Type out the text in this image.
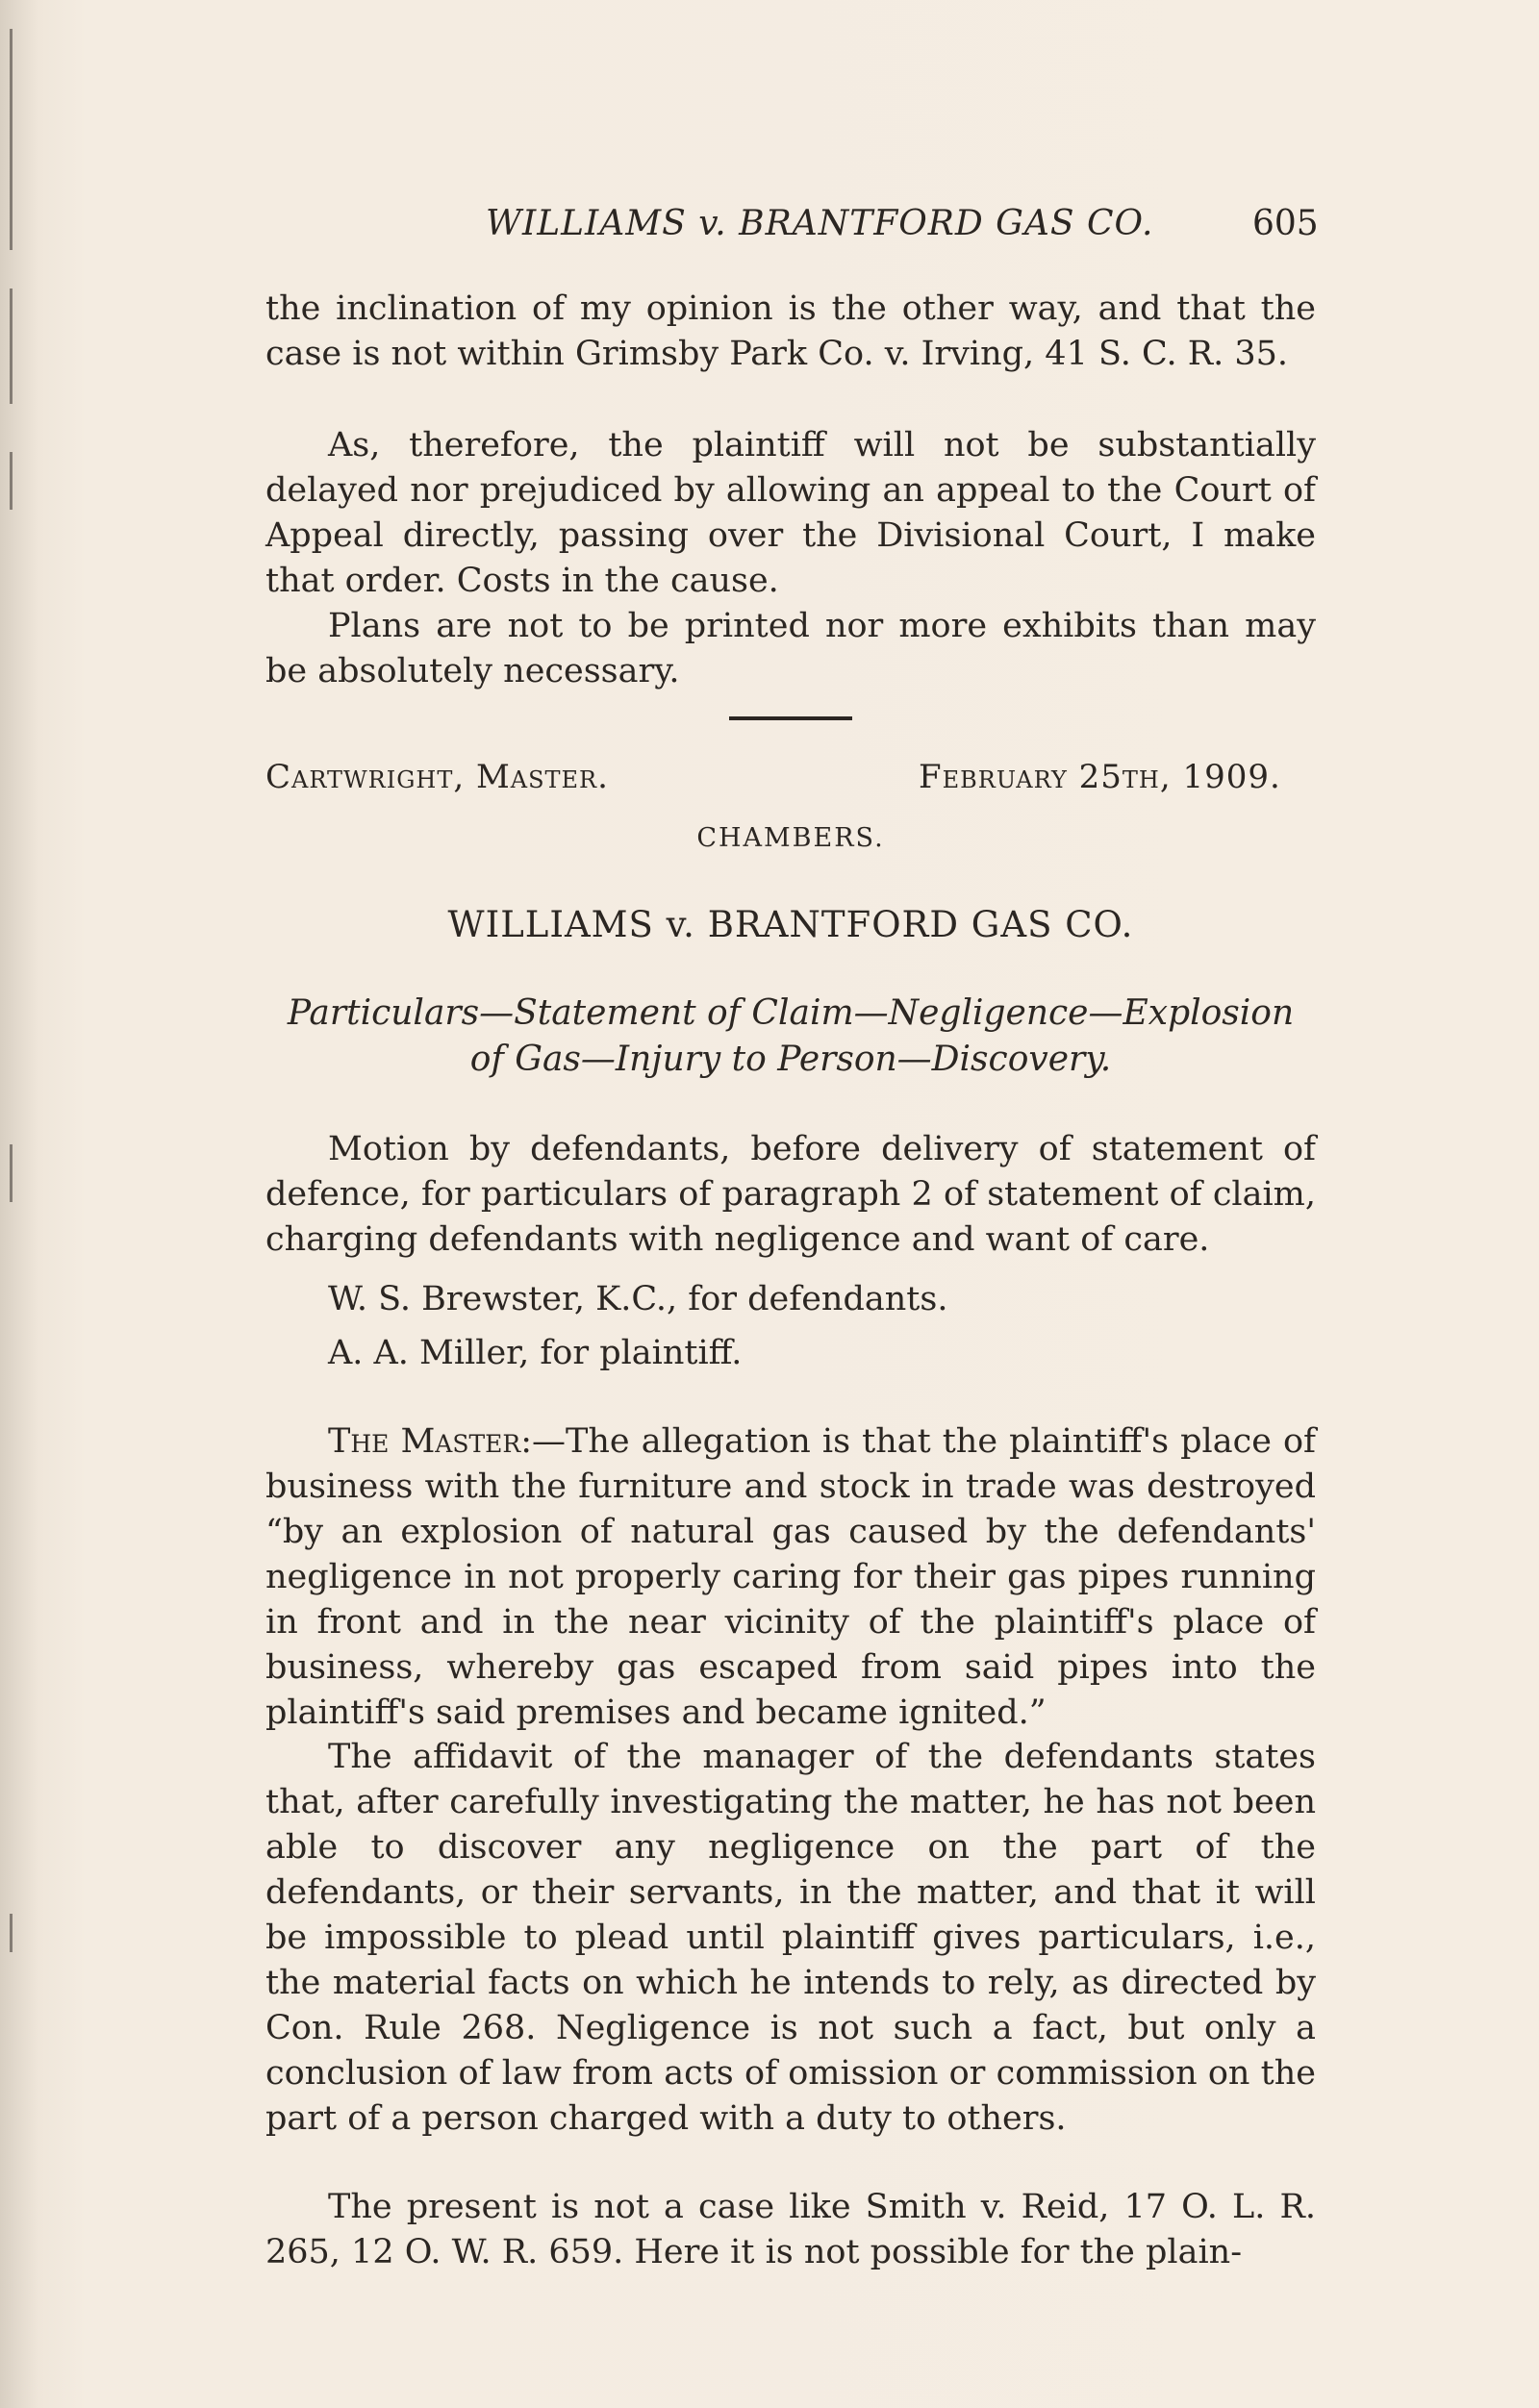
WILLIAMS v. BRANTFORD GAS CO.	605
the inclination of my opinion is the other way, and that the case is not within Grimsby Park Co. v. Irving, 41 S. C. R. 35.
As, therefore, the plaintiff will not be substantially delayed nor prejudiced by allowing an appeal to the Court of Appeal directly, passing over the Divisional Court, I make that order. Costs in the cause.
Plans are not to be printed nor more exhibits than may be absolutely necessary.
Cartwright, Master.	February 25th, 1909.
CHAMBERS.
WILLIAMS v. BRANTFORD GAS CO.
Particulars—Statement of Claim—Negligence—Explosion of Gas—Injury to Person—Discovery.
Motion by defendants, before delivery of statement of defence, for particulars of paragraph 2 of statement of claim, charging defendants with negligence and want of care.
W. S. Brewster, K.C., for defendants.
A. A. Miller, for plaintiff.
The Master:—The allegation is that the plaintiff's place of business with the furniture and stock in trade was destroyed “by an explosion of natural gas caused by the defendants' negligence in not properly caring for their gas pipes running in front and in the near vicinity of the plaintiff's place of business, whereby gas escaped from said pipes into the plaintiff's said premises and became ignited.”
The affidavit of the manager of the defendants states that, after carefully investigating the matter, he has not been able to discover any negligence on the part of the defendants, or their servants, in the matter, and that it will be impossible to plead until plaintiff gives particulars, i.e., the material facts on which he intends to rely, as directed by Con. Rule 268. Negligence is not such a fact, but only a conclusion of law from acts of omission or commission on the part of a person charged with a duty to others.
The present is not a case like Smith v. Reid, 17 O. L. R. 265, 12 O. W. R. 659. Here it is not possible for the plain-
